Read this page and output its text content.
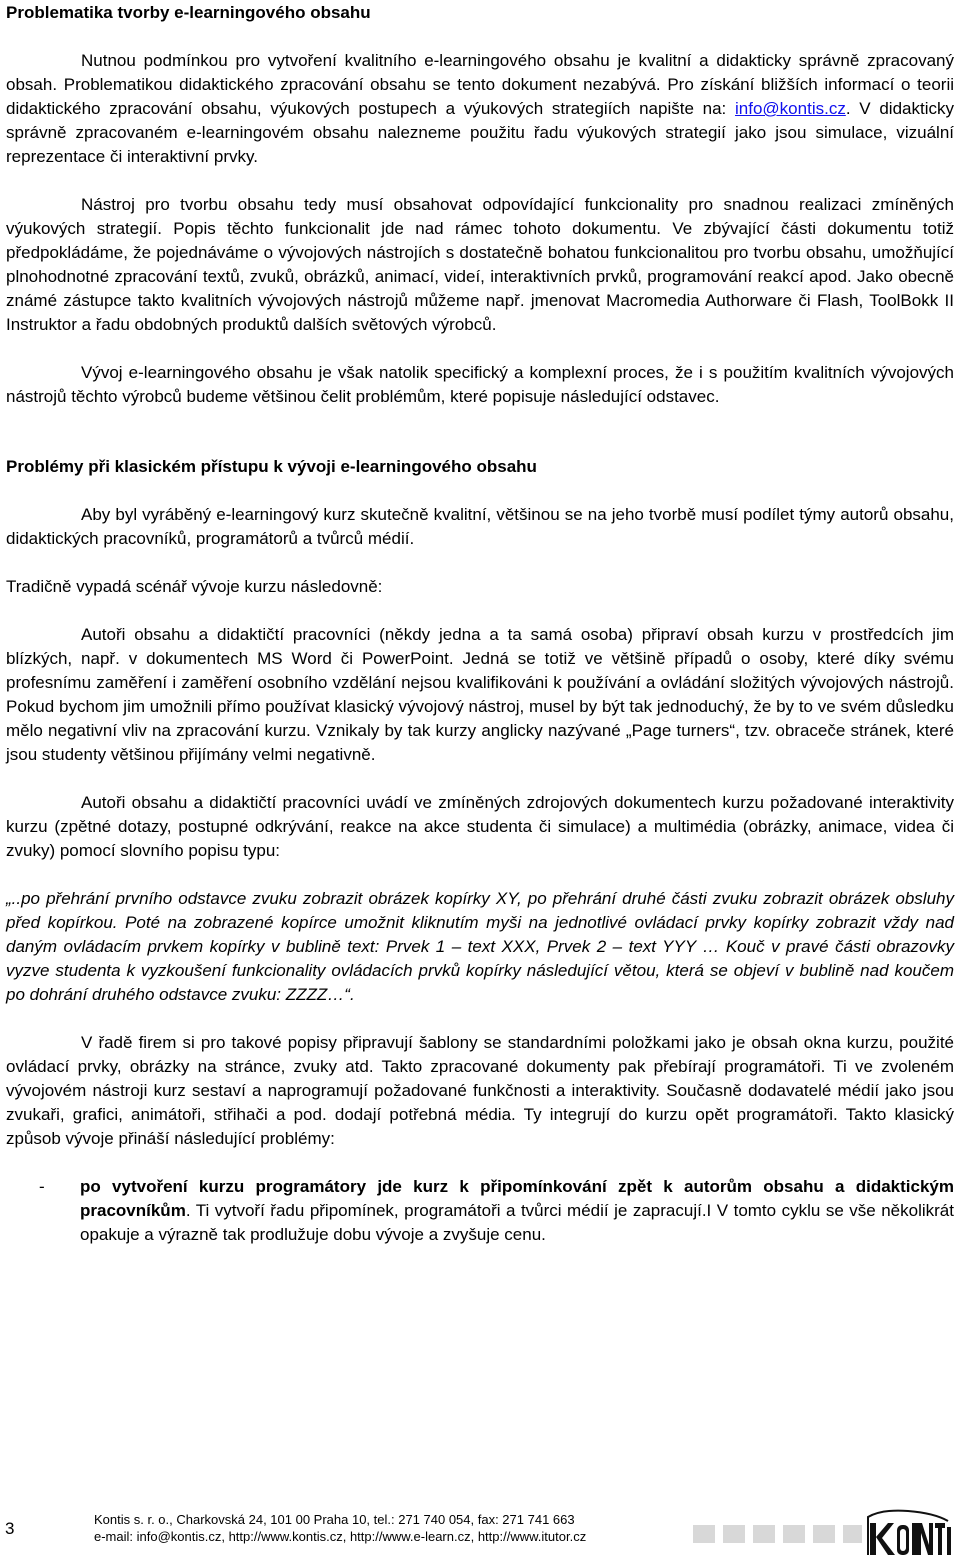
Problematika tvorby e-learningového obsahu

Nutnou podmínkou pro vytvoření kvalitního e-learningového obsahu je kvalitní a didakticky správně zpracovaný obsah. Problematikou didaktického zpracování obsahu se tento dokument nezabývá. Pro získání bližších informací o teorii didaktického zpracování obsahu, výukových postupech a výukových strategiích napište na: info@kontis.cz. V didakticky správně zpracovaném e-learningovém obsahu nalezneme použitu řadu výukových strategií jako jsou simulace, vizuální reprezentace či interaktivní prvky.

Nástroj pro tvorbu obsahu tedy musí obsahovat odpovídající funkcionality pro snadnou realizaci zmíněných výukových strategií. Popis těchto funkcionalit jde nad rámec tohoto dokumentu. Ve zbývající části dokumentu totiž předpokládáme, že pojednáváme o vývojových nástrojích s dostatečně bohatou funkcionalitou pro tvorbu obsahu, umožňující plnohodnotné zpracování textů, zvuků, obrázků, animací, videí, interaktivních prvků, programování reakcí apod. Jako obecně známé zástupce takto kvalitních vývojových nástrojů můžeme např. jmenovat Macromedia Authorware či Flash, ToolBokk II Instruktor a řadu obdobných produktů dalších světových výrobců.

Vývoj e-learningového obsahu je však natolik specifický a komplexní proces, že i s použitím kvalitních vývojových nástrojů těchto výrobců budeme většinou čelit problémům, které popisuje následující odstavec.

Problémy při klasickém přístupu k vývoji e-learningového obsahu

Aby byl vyráběný e-learningový kurz skutečně kvalitní, většinou se na jeho tvorbě musí podílet týmy autorů obsahu, didaktických pracovníků, programátorů a tvůrců médií.

Tradičně vypadá scénář vývoje kurzu následovně:

Autoři obsahu a didaktičtí pracovníci (někdy jedna a ta samá osoba) připraví obsah kurzu v prostředcích jim blízkých, např. v dokumentech MS Word či PowerPoint. Jedná se totiž ve většině případů o osoby, které díky svému profesnímu zaměření i zaměření osobního vzdělání nejsou kvalifikováni k používání a ovládání složitých vývojových nástrojů. Pokud bychom jim umožnili přímo používat klasický vývojový nástroj, musel by být tak jednoduchý, že by to ve svém důsledku mělo negativní vliv na zpracování kurzu. Vznikaly by tak kurzy anglicky nazývané „Page turners“, tzv. obraceče stránek, které jsou studenty většinou přijímány velmi negativně.

Autoři obsahu a didaktičtí pracovníci uvádí ve zmíněných zdrojových dokumentech kurzu požadované interaktivity kurzu (zpětné dotazy, postupné odkrývání, reakce na akce studenta či simulace) a multimédia (obrázky, animace, videa či zvuky) pomocí slovního popisu typu:

„..po přehrání prvního odstavce zvuku zobrazit obrázek kopírky XY, po přehrání druhé části zvuku zobrazit obrázek obsluhy před kopírkou. Poté na zobrazené kopírce umožnit kliknutím myši na jednotlivé ovládací prvky kopírky zobrazit vždy nad daným ovládacím prvkem kopírky v bublině text: Prvek 1 – text XXX, Prvek 2 – text YYY … Kouč v pravé části obrazovky vyzve studenta k vyzkoušení funkcionality ovládacích prvků kopírky následující větou, která se objeví v bublině nad koučem po dohrání druhého odstavce zvuku: ZZZZ…“.

V řadě firem si pro takové popisy připravují šablony se standardními položkami jako je obsah okna kurzu, použité ovládací prvky, obrázky na stránce, zvuky atd. Takto zpracované dokumenty pak přebírají programátoři. Ti ve zvoleném vývojovém nástroji kurz sestaví a naprogramují požadované funkčnosti a interaktivity. Současně dodavatelé médií jako jsou zvukaři, grafici, animátoři, střihači a pod. dodají potřebná média. Ty integrují do kurzu opět programátoři. Takto klasický způsob vývoje přináší následující problémy:

- po vytvoření kurzu programátory jde kurz k připomínkování zpět k autorům obsahu a didaktickým pracovníkům. Ti vytvoří řadu připomínek, programátoři a tvůrci médií je zapracují.I V tomto cyklu se vše několikrát opakuje a výrazně tak prodlužuje dobu vývoje a zvyšuje cenu.
3	Kontis s. r. o., Charkovská 24, 101 00 Praha 10, tel.: 271 740 054, fax: 271 741 663
e-mail: info@kontis.cz, http://www.kontis.cz, http://www.e-learn.cz, http://www.itutor.cz
